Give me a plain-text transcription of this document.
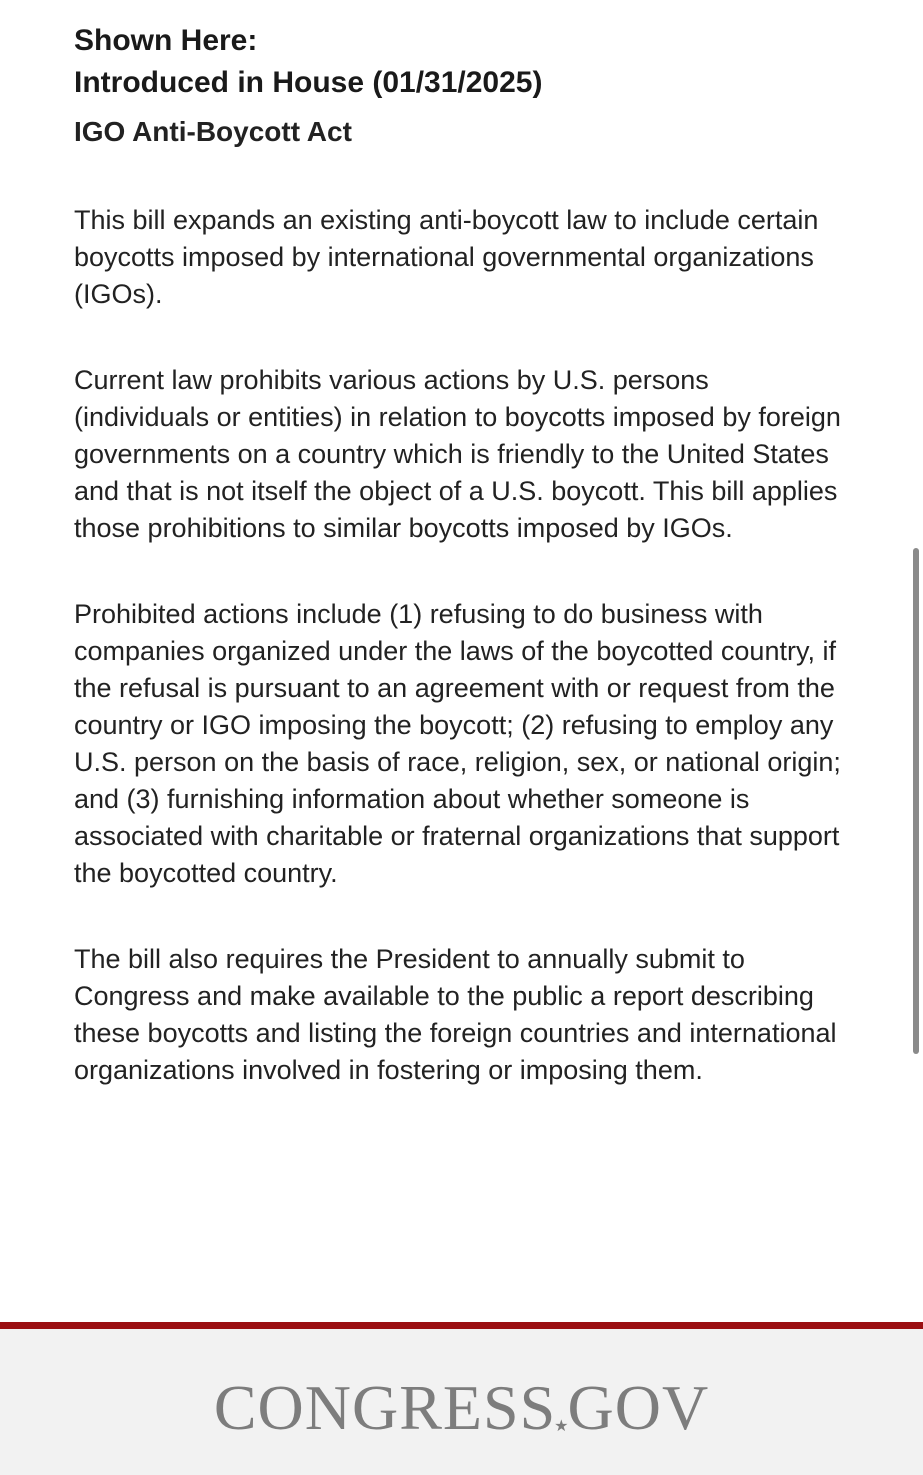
Shown Here:
Introduced in House (01/31/2025)
IGO Anti-Boycott Act

This bill expands an existing anti-boycott law to include certain boycotts imposed by international governmental organizations (IGOs).

Current law prohibits various actions by U.S. persons (individuals or entities) in relation to boycotts imposed by foreign governments on a country which is friendly to the United States and that is not itself the object of a U.S. boycott. This bill applies those prohibitions to similar boycotts imposed by IGOs.

Prohibited actions include (1) refusing to do business with companies organized under the laws of the boycotted country, if the refusal is pursuant to an agreement with or request from the country or IGO imposing the boycott; (2) refusing to employ any U.S. person on the basis of race, religion, sex, or national origin; and (3) furnishing information about whether someone is associated with charitable or fraternal organizations that support the boycotted country.

The bill also requires the President to annually submit to Congress and make available to the public a report describing these boycotts and listing the foreign countries and international organizations involved in fostering or imposing them.

CONGRESS★GOV
